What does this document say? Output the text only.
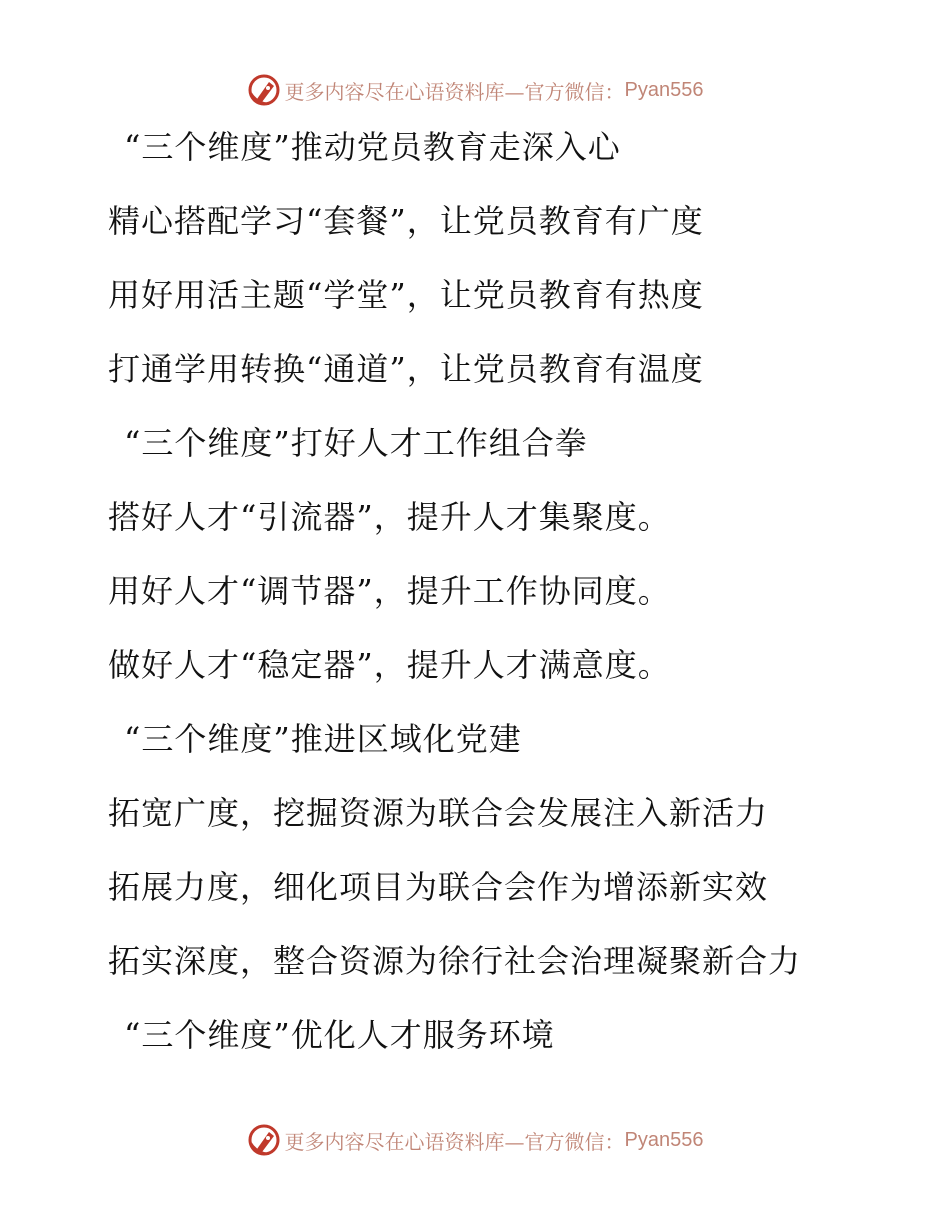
更多内容尽在心语资料库—官方微信： Pyan556
“三个维度”推动党员教育走深入心
精心搭配学习“套餐”，让党员教育有广度
用好用活主题“学堂”，让党员教育有热度
打通学用转换“通道”，让党员教育有温度
“三个维度”打好人才工作组合拳
搭好人才“引流器”，提升人才集聚度。
用好人才“调节器”，提升工作协同度。
做好人才“稳定器”，提升人才满意度。
“三个维度”推进区域化党建
拓宽广度，挖掘资源为联合会发展注入新活力
拓展力度，细化项目为联合会作为增添新实效
拓实深度，整合资源为徐行社会治理凝聚新合力
“三个维度”优化人才服务环境
更多内容尽在心语资料库—官方微信： Pyan556
